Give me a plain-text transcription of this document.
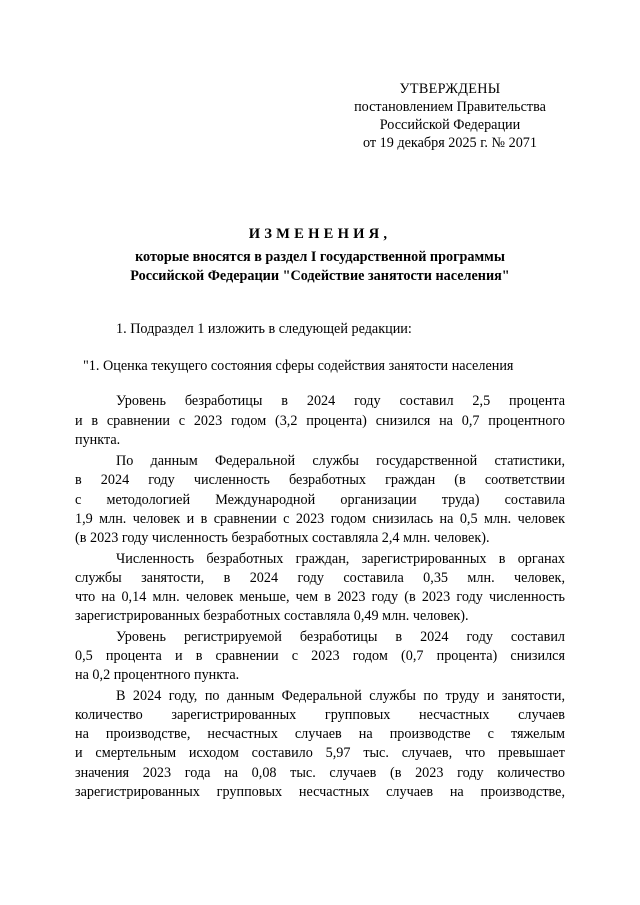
УТВЕРЖДЕНЫ
постановлением Правительства
Российской Федерации
от 19 декабря 2025 г. № 2071
ИЗМЕНЕНИЯ,
которые вносятся в раздел I государственной программы
Российской Федерации "Содействие занятости населения"
1. Подраздел 1 изложить в следующей редакции:
"1. Оценка текущего состояния сферы содействия занятости населения
Уровень безработицы в 2024 году составил 2,5 процента
и в сравнении с 2023 годом (3,2 процента) снизился на 0,7 процентного
пункта.
По данным Федеральной службы государственной статистики,
в 2024 году численность безработных граждан (в соответствии
с методологией Международной организации труда) составила
1,9 млн. человек и в сравнении с 2023 годом снизилась на 0,5 млн. человек
(в 2023 году численность безработных составляла 2,4 млн. человек).
Численность безработных граждан, зарегистрированных в органах
службы занятости, в 2024 году составила 0,35 млн. человек,
что на 0,14 млн. человек меньше, чем в 2023 году (в 2023 году численность
зарегистрированных безработных составляла 0,49 млн. человек).
Уровень регистрируемой безработицы в 2024 году составил
0,5 процента и в сравнении с 2023 годом (0,7 процента) снизился
на 0,2 процентного пункта.
В 2024 году, по данным Федеральной службы по труду и занятости,
количество зарегистрированных групповых несчастных случаев
на производстве, несчастных случаев на производстве с тяжелым
и смертельным исходом составило 5,97 тыс. случаев, что превышает
значения 2023 года на 0,08 тыс. случаев (в 2023 году количество
зарегистрированных групповых несчастных случаев на производстве,
